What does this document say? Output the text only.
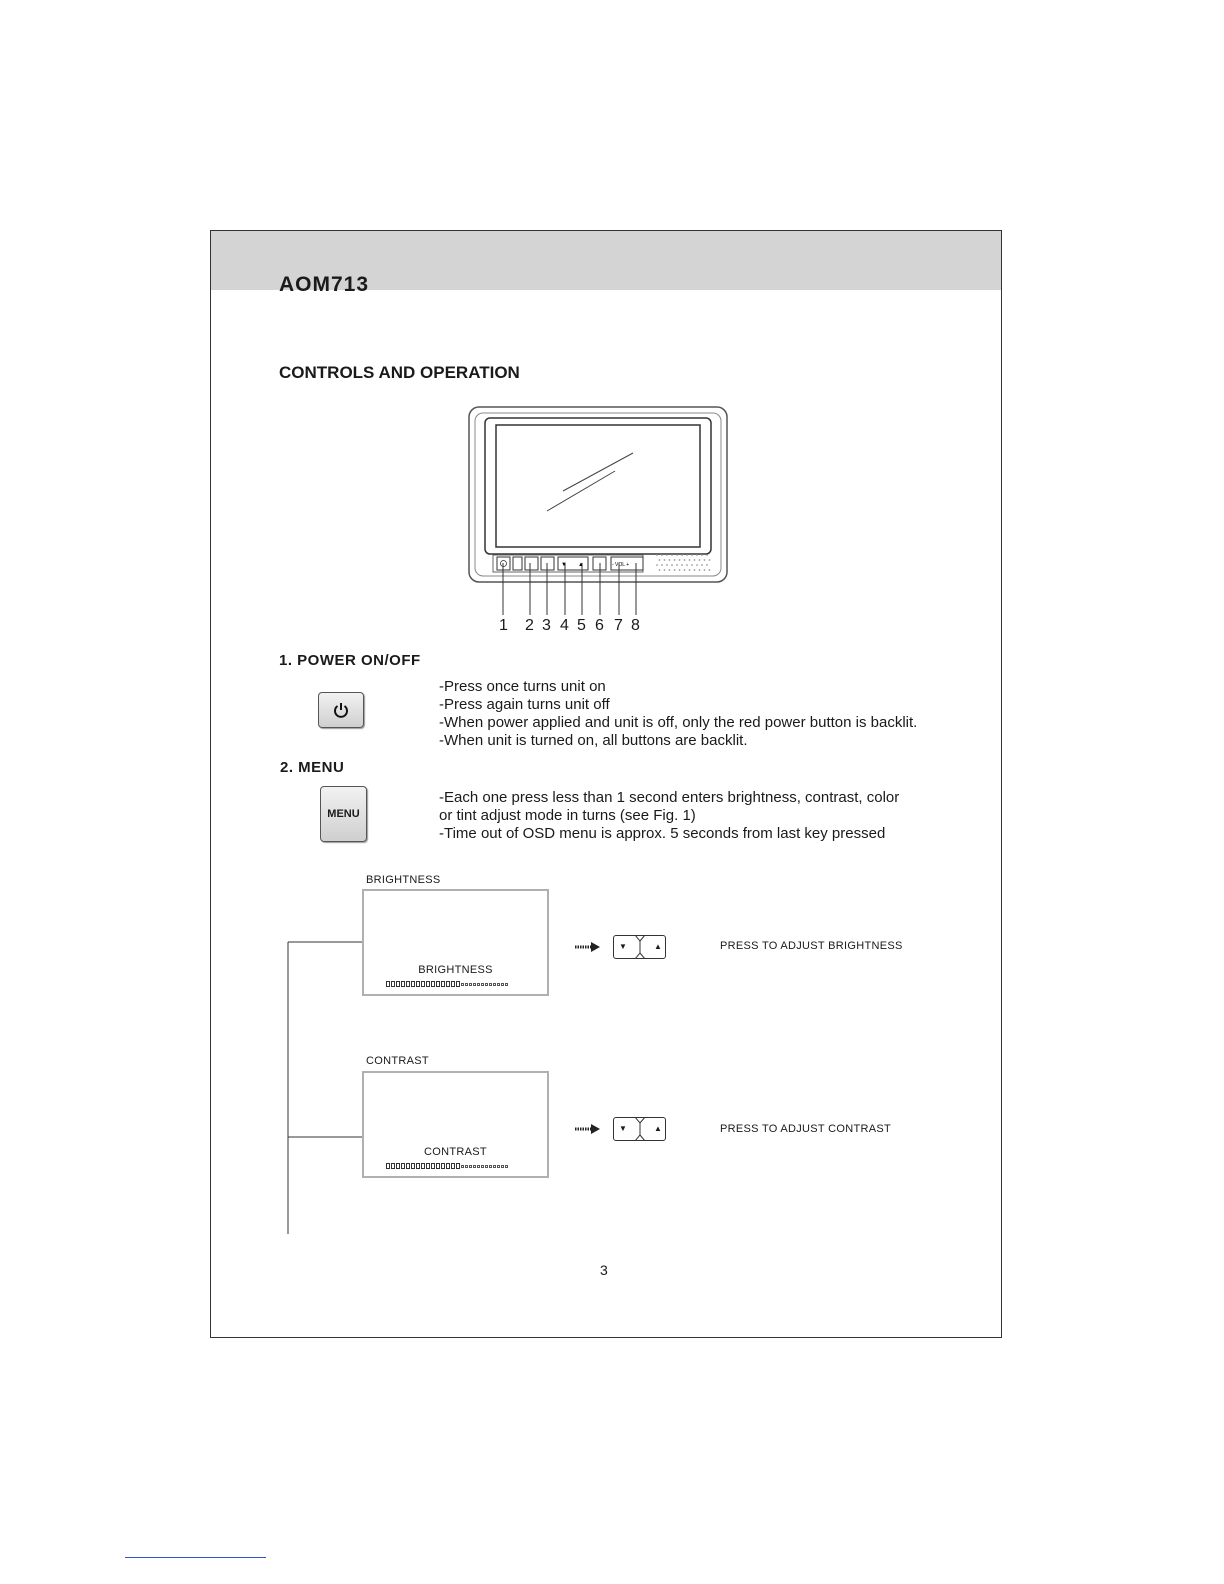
AOM713
CONTROLS AND OPERATION
▼ ▲	- VOL +
1 2 3 4 5 6 7 8
1. POWER ON/OFF
-Press once turns unit on
-Press again turns unit off
-When power applied and unit is off, only the red power button is backlit.
-When unit is turned on, all buttons are backlit.
2. MENU
MENU
-Each one press less than 1 second enters brightness, contrast, color
or tint adjust mode in turns (see Fig. 1)
-Time out of OSD menu is approx. 5 seconds from last key pressed
BRIGHTNESS
BRIGHTNESS
▼	▲	PRESS TO ADJUST BRIGHTNESS
CONTRAST
CONTRAST
▼	▲	PRESS TO ADJUST CONTRAST
3
